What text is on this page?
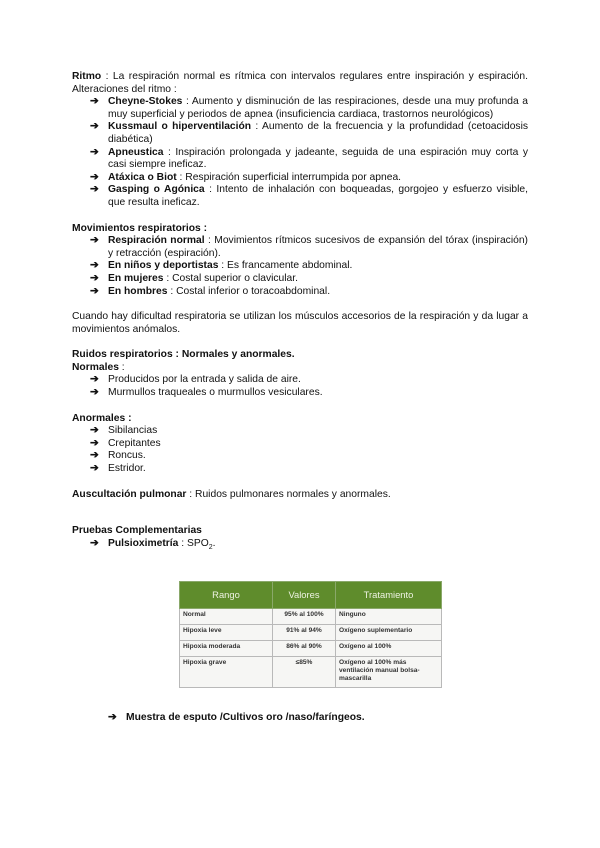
Ritmo : La respiración normal es rítmica con intervalos regulares entre inspiración y espiración. Alteraciones del ritmo :

➔ Cheyne-Stokes : Aumento y disminución de las respiraciones, desde una muy profunda a muy superficial y periodos de apnea (insuficiencia cardiaca, trastornos neurológicos)
➔ Kussmaul o hiperventilación : Aumento de la frecuencia y la profundidad (cetoacidosis diabética)
➔ Apneustica : Inspiración prolongada y jadeante, seguida de una espiración muy corta y casi siempre ineficaz.
➔ Atáxica o Biot : Respiración superficial interrumpida por apnea.
➔ Gasping o Agónica : Intento de inhalación con boqueadas, gorgojeo y esfuerzo visible, que resulta ineficaz.

Movimientos respiratorios :

➔ Respiración normal : Movimientos rítmicos sucesivos de expansión del tórax (inspiración) y retracción (espiración).
➔ En niños y deportistas : Es francamente abdominal.
➔ En mujeres : Costal superior o clavicular.
➔ En hombres : Costal inferior o toracoabdominal.

Cuando hay dificultad respiratoria se utilizan los músculos accesorios de la respiración y da lugar a movimientos anómalos.

Ruidos respiratorios : Normales y anormales.

Normales :

➔ Producidos por la entrada y salida de aire.
➔ Murmullos traqueales o murmullos vesiculares.

Anormales :

➔ Sibilancias
➔ Crepitantes
➔ Roncus.
➔ Estridor.

Auscultación pulmonar : Ruidos pulmonares normales y anormales.

Pruebas Complementarias

➔ Pulsioximetría : $SPO_2$.
Rango	Valores	Tratamiento
Normal	95% al 100%	Ninguno
Hipoxia leve	91% al 94%	Oxígeno suplementario
Hipoxia moderada	86% al 90%	Oxígeno al 100%
Hipoxia grave	≤85%	Oxígeno al 100% más ventilación manual bolsa-mascarilla
➔ Muestra de esputo /Cultivos oro /naso/faríngeos.
